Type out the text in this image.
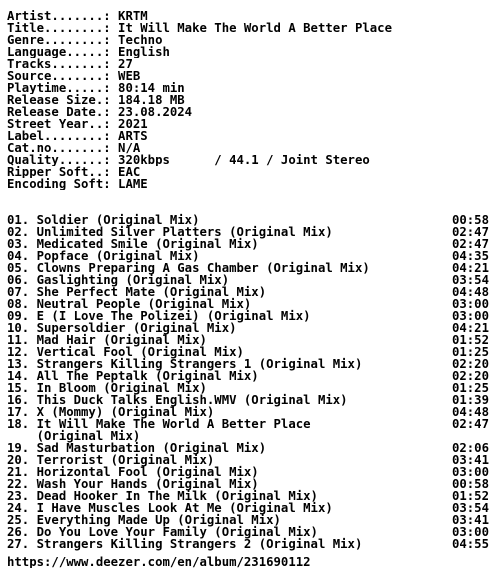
Artist.......: KRTM
Title........: It Will Make The World A Better Place
Genre........: Techno
Language.....: English
Tracks.......: 27
Source.......: WEB
Playtime.....: 80:14 min
Release Size.: 184.18 MB
Release Date.: 23.08.2024
Street Year..: 2021
Label........: ARTS
Cat.no.......: N/A
Quality......: 320kbps      / 44.1 / Joint Stereo
Ripper Soft..: EAC
Encoding Soft: LAME
01. Soldier (Original Mix)	00:58
02. Unlimited Silver Platters (Original Mix)	02:47
03. Medicated Smile (Original Mix)	02:47
04. Popface (Original Mix)	04:35
05. Clowns Preparing A Gas Chamber (Original Mix)	04:21
06. Gaslighting (Original Mix)	03:54
07. She Perfect Mate (Original Mix)	04:48
08. Neutral People (Original Mix)	03:00
09. E (I Love The Polizei) (Original Mix)	03:00
10. Supersoldier (Original Mix)	04:21
11. Mad Hair (Original Mix)	01:52
12. Vertical Fool (Original Mix)	01:25
13. Strangers Killing Strangers 1 (Original Mix)	02:20
14. All The Peptalk (Original Mix)	02:20
15. In Bloom (Original Mix)	01:25
16. This Duck Talks English.WMV (Original Mix)	01:39
17. X (Mommy) (Original Mix)	04:48
18. It Will Make The World A Better Place	02:47
(Original Mix)
19. Sad Masturbation (Original Mix)	02:06
20. Terrorist (Original Mix)	03:41
21. Horizontal Fool (Original Mix)	03:00
22. Wash Your Hands (Original Mix)	00:58
23. Dead Hooker In The Milk (Original Mix)	01:52
24. I Have Muscles Look At Me (Original Mix)	03:54
25. Everything Made Up (Original Mix)	03:41
26. Do You Love Your Family (Original Mix)	03:00
27. Strangers Killing Strangers 2 (Original Mix)	04:55
https://www.deezer.com/en/album/231690112
